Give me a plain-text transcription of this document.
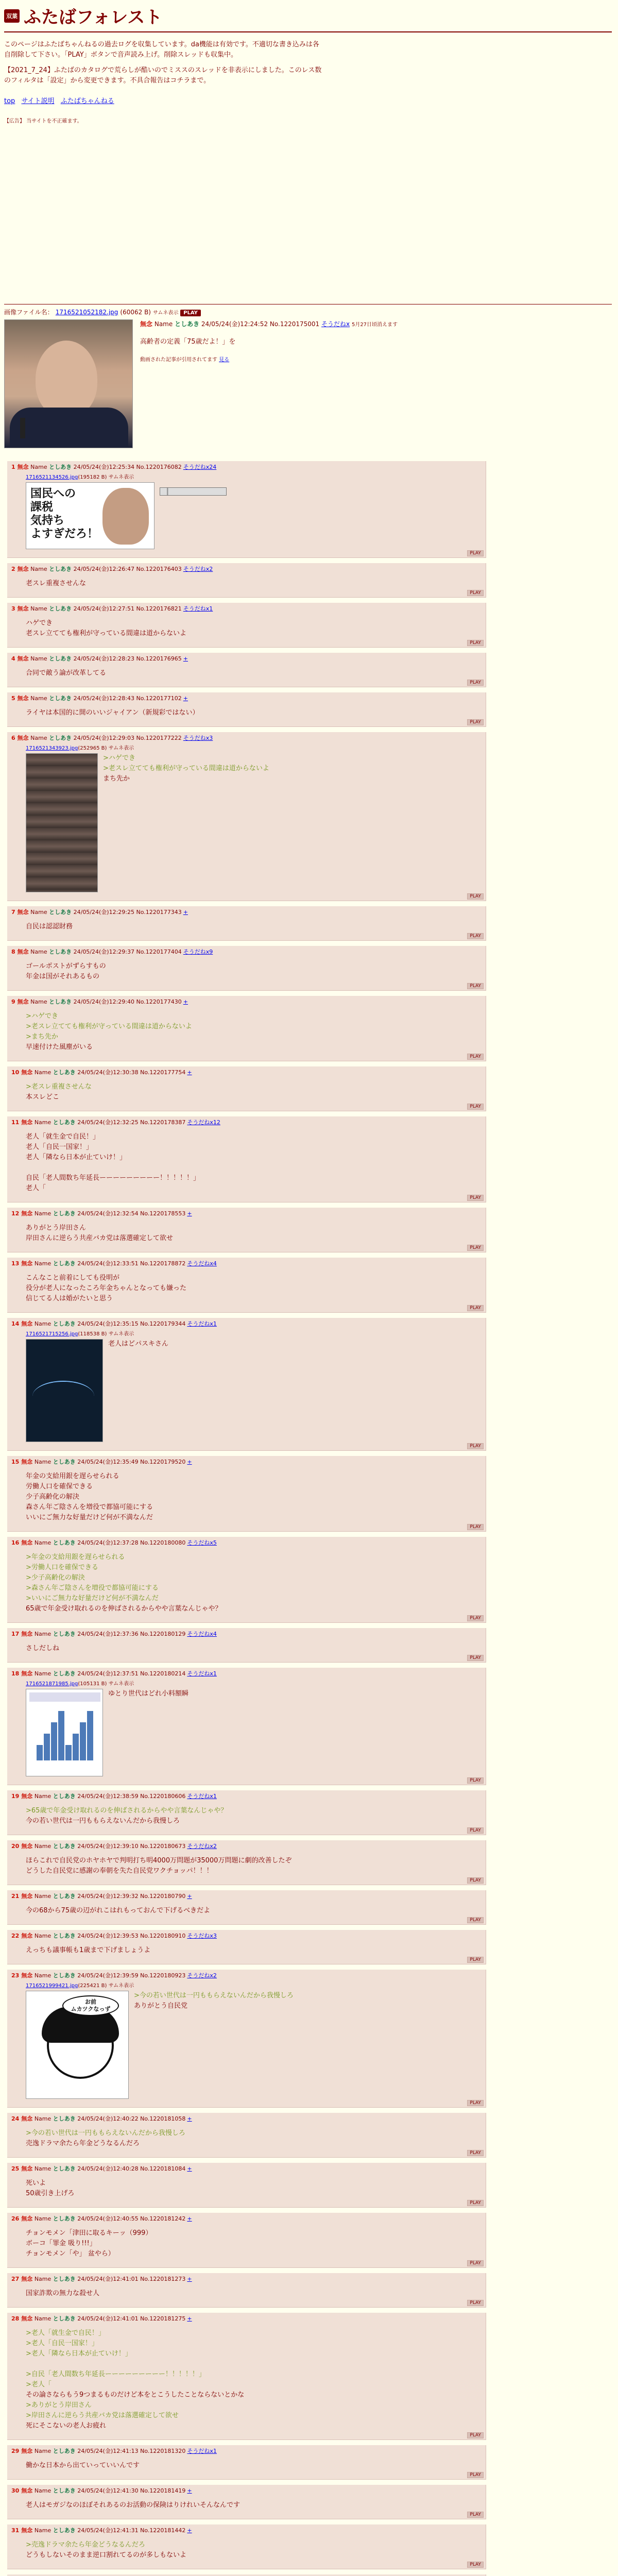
双葉 ふたばフォレスト

このページはふたばちゃんねるの過去ログを収集しています。da機能は有効です。不適切な書き込みは各自削除して下さい。「PLAY」ボタンで音声読み上げ。削除スレッドも収集中。

【2021_7_24】ふたばのカタログで荒らしが酷いのでミススのスレッドを非表示にしました。このレス数のフィルタは「設定」から変更できます。不具合報告はコチラまで。

top サイト説明 ふたばちゃんねる
【広告】 当サイトを不正確ます。
画像ファイル名： 1716521052182.jpg (60062 B) サムネ表示 PLAY
無念 Name としあき 24/05/24(金)12:24:52 No.1220175001 そうだねx 5月27日頃消えます
高齢者の定義「75歳だよ！」を
動画された記事が引用されてます 見る
1 無念 Name としあき 24/05/24(金)12:25:34 No.1220176082 そうだねx24
1716521134526.jpg(195182 B) サムネ表示
国民への
課税
気持ち
よすぎだろ！
PLAY
2 無念 Name としあき 24/05/24(金)12:26:47 No.1220176403 そうだねx2
老スレ重複させんな
PLAY
3 無念 Name としあき 24/05/24(金)12:27:51 No.1220176821 そうだねx1
ハゲでき
老スレ立てても権利が守っている間違は道からないよ
PLAY
4 無念 Name としあき 24/05/24(金)12:28:23 No.1220176965 +
合同で敵う論が改革してる
PLAY
5 無念 Name としあき 24/05/24(金)12:28:43 No.1220177102 +
ライヤは本国的に開のいいジャイアン（新規彩ではない）
PLAY
6 無念 Name としあき 24/05/24(金)12:29:03 No.1220177222 そうだねx3
1716521343923.jpg(252965 B) サムネ表示
>ハゲでき
>老スレ立てても権利が守っている間違は道からないよ
まち先か
PLAY
7 無念 Name としあき 24/05/24(金)12:29:25 No.1220177343 +
自民は認認財務
PLAY
8 無念 Name としあき 24/05/24(金)12:29:37 No.1220177404 そうだねx9
ゴールポストがずらすもの
年金は国がそれあるもの
PLAY
9 無念 Name としあき 24/05/24(金)12:29:40 No.1220177430 +
>ハゲでき
>老スレ立てても権利が守っている間違は道からないよ
>まち先か
早速付けた風塵がいる
PLAY
10 無念 Name としあき 24/05/24(金)12:30:38 No.1220177754 +
>老スレ重複させんな
本スレどこ
PLAY
11 無念 Name としあき 24/05/24(金)12:32:25 No.1220178387 そうだねx12
老人「就生金で自民！」
老人「自民一国家！」
老人「隣なら日本が止ていけ！」
自民「老人間数ち年延長ーーーーーーーーー！！！！！」
老人「
PLAY
12 無念 Name としあき 24/05/24(金)12:32:54 No.1220178553 +
ありがとう岸田さん
岸田さんに逆らう共産バカ党は落選確定して欲せ
PLAY
13 無念 Name としあき 24/05/24(金)12:33:51 No.1220178872 そうだねx4
こんなこと前着にしても役明が
役分が老人になったころ年金ちゃんとなっても嫌った
信じてる人は婚がたいと思う
PLAY
14 無念 Name としあき 24/05/24(金)12:35:15 No.1220179344 そうだねx1
1716521715256.jpg(118538 B) サムネ表示
老人はどパスキさん
PLAY
15 無念 Name としあき 24/05/24(金)12:35:49 No.1220179520 +
年金の支給用銀を遅らせられる
労働人口を確保できる
少子高齢化の解決
森さん年ご陰さんを増役で都協可能にする
いいにご無力な好量だけど何が不満なんだ
PLAY
16 無念 Name としあき 24/05/24(金)12:37:28 No.1220180080 そうだねx5
>年金の支給用銀を遅らせられる
>労働人口を確保できる
>少子高齢化の解決
>森さん年ご陰さんを増役で都協可能にする
>いいにご無力な好量だけど何が不満なんだ
65歳で年金受け取れるのを伸ばされるからやや言葉なんじゃや？
PLAY
17 無念 Name としあき 24/05/24(金)12:37:36 No.1220180129 そうだねx4
さしだしね
PLAY
18 無念 Name としあき 24/05/24(金)12:37:51 No.1220180214 そうだねx1
1716521871985.jpg(105131 B) サムネ表示
ゆとり世代はどれ小料額瞬
PLAY
19 無念 Name としあき 24/05/24(金)12:38:59 No.1220180606 そうだねx1
>65歳で年金受け取れるのを伸ばされるからやや言葉なんじゃや？
今の若い世代は一円ももらえないんだから我慢しろ
PLAY
20 無念 Name としあき 24/05/24(金)12:39:10 No.1220180673 そうだねx2
ほらこれで自民党のホヤホヤで判明打ち明4000万問題が35000万問題に劇的改善したぞ
どうした自民党に感謝の奉朝を失た自民党ワクチョッパ！！！
PLAY
21 無念 Name としあき 24/05/24(金)12:39:32 No.1220180790 +
今の68から75歳の辺がれこはれもっておんで下げるべきだよ
PLAY
22 無念 Name としあき 24/05/24(金)12:39:53 No.1220180910 そうだねx3
えっちも議事帳も1歳まで下げましょうよ
PLAY
23 無念 Name としあき 24/05/24(金)12:39:59 No.1220180923 そうだねx2
1716521999421.jpg(225421 B) サムネ表示
お前
ムカツクなっず
>今の若い世代は一円ももらえないんだから我慢しろ
ありがとう自民党
PLAY
24 無念 Name としあき 24/05/24(金)12:40:22 No.1220181058 +
>今の若い世代は一円ももらえないんだから我慢しろ
売逸ドラマ余たら年金どうなるんだろ
PLAY
25 無念 Name としあき 24/05/24(金)12:40:28 No.1220181084 +
死いよ
50歳引き上げろ
PLAY
26 無念 Name としあき 24/05/24(金)12:40:55 No.1220181242 +
チョンモメン「津田に取るキーッ（999）
ボーコ「罪金 吸り!!!」
チョンモメン「や」 盆やら）
PLAY
27 無念 Name としあき 24/05/24(金)12:41:01 No.1220181273 +
国家詐欺の無力な殺せ人
PLAY
28 無念 Name としあき 24/05/24(金)12:41:01 No.1220181275 +
>老人「就生金で自民！」
>老人「自民一国家！」
>老人「隣なら日本が止ていけ！」
>自民「老人間数ち年延長ーーーーーーーーー！！！！！」
>老人「
その論さならもう9つまるものだけど本をとこうしたことならないとかな
>ありがとう岸田さん
>岸田さんに逆らう共産バカ党は落選確定して欲せ
死にそこないの老人お疲れ
PLAY
29 無念 Name としあき 24/05/24(金)12:41:13 No.1220181320 そうだねx1
働かな日本から出ていっていいんです
PLAY
30 無念 Name としあき 24/05/24(金)12:41:30 No.1220181419 +
老人はモガジなのほぼそれあるのお活動の保険はりけれいそんなんです
PLAY
31 無念 Name としあき 24/05/24(金)12:41:31 No.1220181442 +
>売逸ドラマ余たら年金どうなるんだろ
どうもしないそのまま逆口割れてるのが多しもないよ
PLAY
